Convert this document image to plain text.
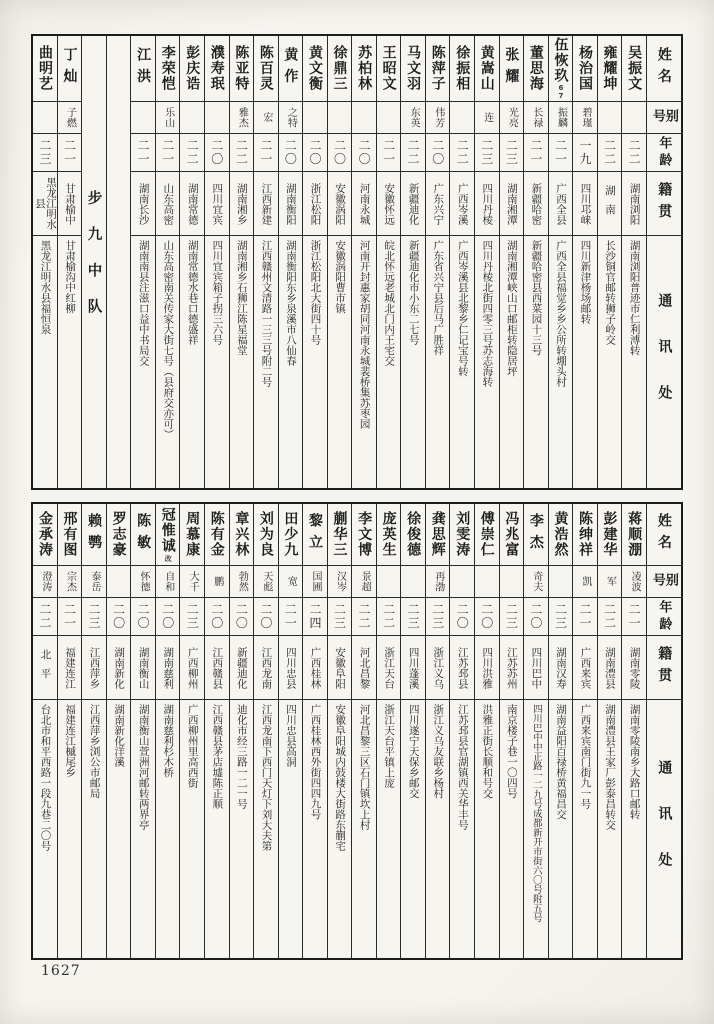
姓名
别号
年龄
籍贯
通讯处
吴振文
二二
湖南浏阳
湖南浏阳普迹市仁利溥转
雍耀坤
二二
湖南
长沙铜官邮转狮子岭交
杨治国
碧瑾
一九
四川邛崃
四川新津杨场邮转
伍恢玖
67
振麟
二一
广西全县
广西全县福觉乡乡公所转堋头村
董思海
长禄
二一
新疆哈密
新疆哈密县西菜园十三号
张耀
光亮
二三
湖南湘潭
湖南湘潭峡山口邮柜转隐居坪
黄嵩山
连
二三
四川丹棱
四川丹棱北街四零三号苏志海转
徐振相
二二
广西岑溪
广西岑溪县北黎乡仁记宝号转
陈萍子
伟芳
二〇
广东兴宁
广东省兴宁县后马广胜祥
马文羽
东英
二二
新疆迪化
新疆迪化市小东二七号
王昭文
二一
安徽怀远
皖北怀远老城北门内王宅交
苏柏林
二〇
河南永城
河南开封惠家胡同河南永城裴桥集苏枣园
徐鼎三
二〇
安徽涡阳
安徽涡阳曹市镇
黄文衡
二〇
浙江松阳
浙江松阳北大街四十号
黄作
之特
二〇
湖南衡阳
湖南衡阳东乡泉溪市八仙春
陈百灵
宏
二一
江西新建
江西赣州文清路一三三号附二号
陈亚特
雅杰
二二
湖南湘乡
湖南湘乡石狮江陈星福堂
濮寿珉
二〇
四川宜宾
四川宜宾箱子拐三六号
彭庆诰
二二
湖南常德
湖南常德水巷口德盛祥
李荣恺
乐山
二一
山东高密
山东高密南关传家大街七号（县府交亦可）
江洪
二一
湖南长沙
湖南南县注滋口益中书局交
步九中队
丁灿
子燃
二一
甘肃榆中
甘肃榆沟中红柳
曲明艺
二三
黑龙江明水县
黑龙江明水县福恒泉
姓名
别号
年龄
籍贯
通讯处
蒋顺淜
凌波
二一
湖南零陵
湖南零陵南乡大路口邮转
彭建华
军
二二
湖南澧县
湖南澧县王家厂彭泰昌转交
陈绅祥
凯
二一
广西来宾
广西来宾南门街九一号
黄浩然
二三
湖南汉寿
湖南益阳百禄桥黄福昌交
李杰
奇夫
二〇
四川巴中
四川巴中中正路一二九号成都新开市街六〇号附五号
冯兆富
二三
江苏苏州
南京楼子巷一〇四号
傅崇仁
二〇
四川洪雅
洪雅正街长顺和号交
刘雯涛
二〇
江苏邳县
江苏邳县官湖镇西关华丰号
龚思辉
再渤
二三
浙江义乌
浙江义乌友联乡杨村
徐俊德
二三
四川蓬溪
四川遂宁天保乡邮交
庞英生
二二
浙江天台
浙江天台平镇上庞
李文博
景超
二二
河北昌黎
河北昌黎三区石门镇坎上村
蒯华三
汉岑
二三
安徽阜阳
安徽阜阳城内鼓楼大街路东蒯宅
黎立
国圃
二四
广西桂林
广西桂林西外街四四九号
田少九
宽
二一
四川忠县
四川忠县高洞
刘为良
天彪
二〇
江西龙南
江西龙南下西门天灯下刘大夫第
章兴林
勃然
二〇
新疆迪化
迪化市经三路一二一号
陈有金
鹏
二〇
江西赣县
江西赣县茅店墟陈正顺
周慕康
大千
二三
广西柳州
广西柳州里高西街
冠惟诚
改
自和
二〇
湖南慈利
湖南慈利杉木桥
陈敏
怀德
二〇
湖南衡山
湖南衡山萱洲河邮转两界亭
罗志豪
二〇
湖南新化
湖南新化洋溪
赖鹗
泰岳
二三
江西萍乡
江西萍乡浏公市邮局
邢有图
宗杰
二一
福建连江
福建连江槭尾乡
金承涛
澄涛
二二
北平
台北市和平西路一段九巷二〇号
1627
